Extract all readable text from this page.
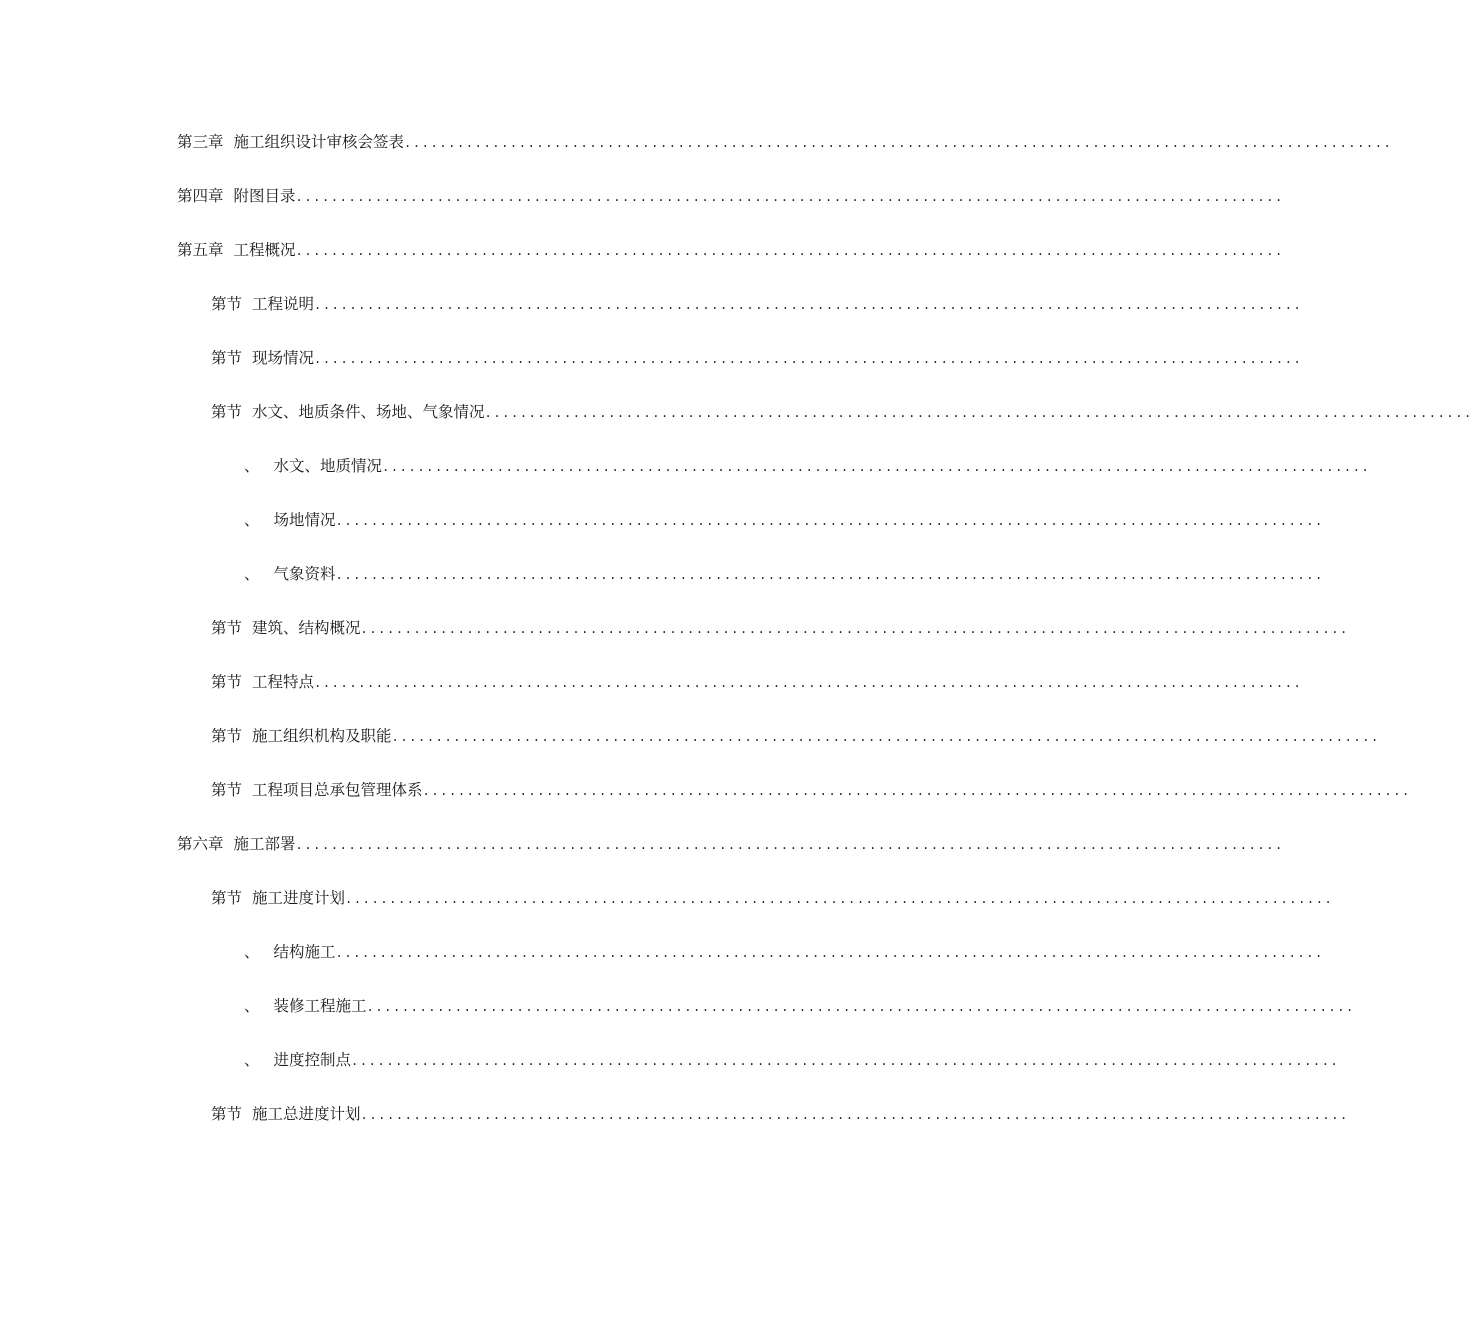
第三章 施工组织设计审核会签表 ................................................................................................................
第四章 附图目录 ................................................................................................................
第五章 工程概况 ................................................................................................................
第节 工程说明 ................................................................................................................
第节 现场情况 ................................................................................................................
第节 水文、地质条件、场地、气象情况 ................................................................................................................
、 水文、地质情况 ................................................................................................................
、 场地情况 ................................................................................................................
、 气象资料 ................................................................................................................
第节 建筑、结构概况 ................................................................................................................
第节 工程特点 ................................................................................................................
第节 施工组织机构及职能 ................................................................................................................
第节 工程项目总承包管理体系 ................................................................................................................
第六章 施工部署 ................................................................................................................
第节 施工进度计划 ................................................................................................................
、 结构施工 ................................................................................................................
、 装修工程施工 ................................................................................................................
、 进度控制点 ................................................................................................................
第节 施工总进度计划 ................................................................................................................
